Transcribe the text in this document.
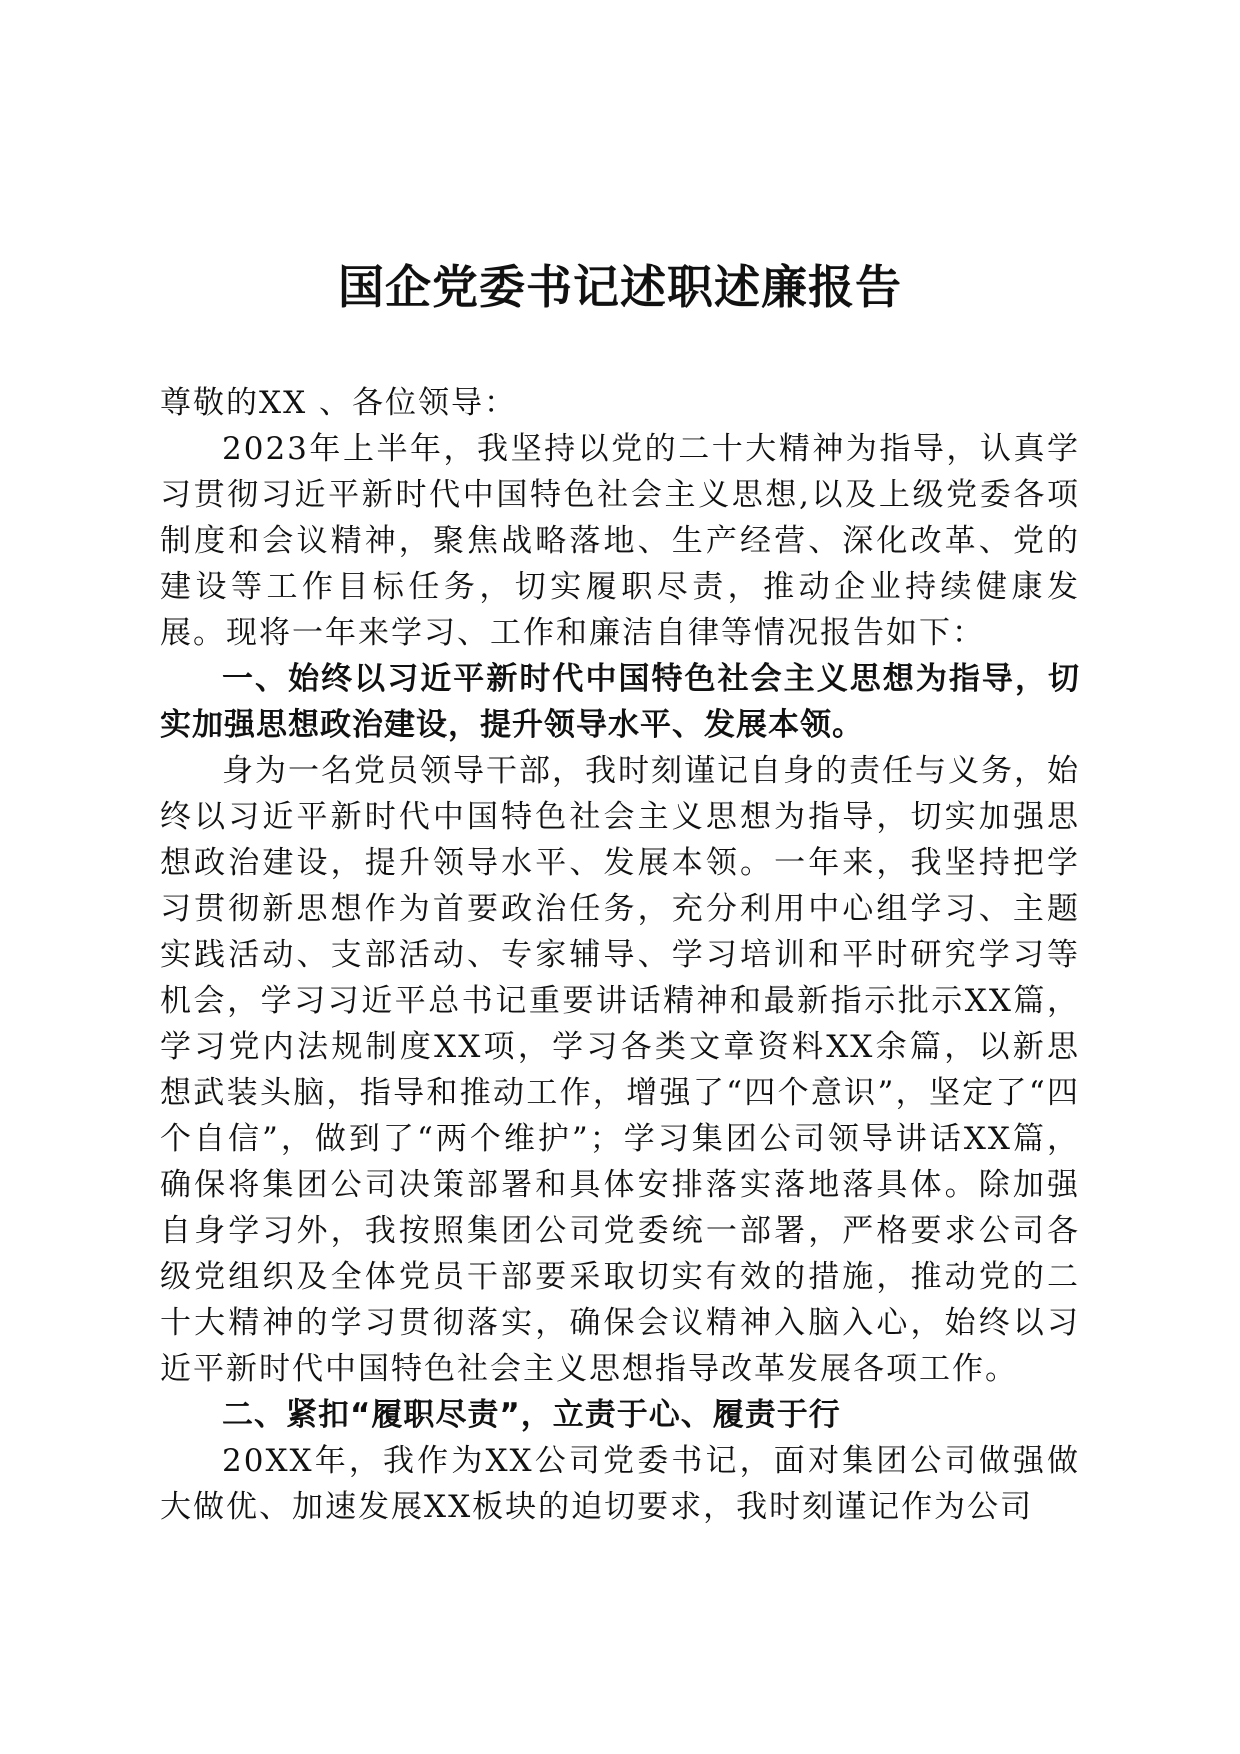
国企党委书记述职述廉报告

尊敬的XX 、各位领导：

2023年上半年，我坚持以党的二十大精神为指导，认真学习贯彻习近平新时代中国特色社会主义思想,以及上级党委各项制度和会议精神，聚焦战略落地、生产经营、深化改革、党的建设等工作目标任务，切实履职尽责，推动企业持续健康发展。现将一年来学习、工作和廉洁自律等情况报告如下：

一、始终以习近平新时代中国特色社会主义思想为指导，切实加强思想政治建设，提升领导水平、发展本领。

身为一名党员领导干部，我时刻谨记自身的责任与义务，始终以习近平新时代中国特色社会主义思想为指导，切实加强思想政治建设，提升领导水平、发展本领。一年来，我坚持把学习贯彻新思想作为首要政治任务，充分利用中心组学习、主题实践活动、支部活动、专家辅导、学习培训和平时研究学习等机会，学习习近平总书记重要讲话精神和最新指示批示XX篇，学习党内法规制度XX项，学习各类文章资料XX余篇，以新思想武装头脑，指导和推动工作，增强了“四个意识”，坚定了“四个自信”，做到了“两个维护”；学习集团公司领导讲话XX篇，确保将集团公司决策部署和具体安排落实落地落具体。除加强自身学习外，我按照集团公司党委统一部署，严格要求公司各级党组织及全体党员干部要采取切实有效的措施，推动党的二十大精神的学习贯彻落实，确保会议精神入脑入心，始终以习近平新时代中国特色社会主义思想指导改革发展各项工作。

二、紧扣“履职尽责”，立责于心、履责于行

20XX年，我作为XX公司党委书记，面对集团公司做强做大做优、加速发展XX板块的迫切要求，我时刻谨记作为公司
